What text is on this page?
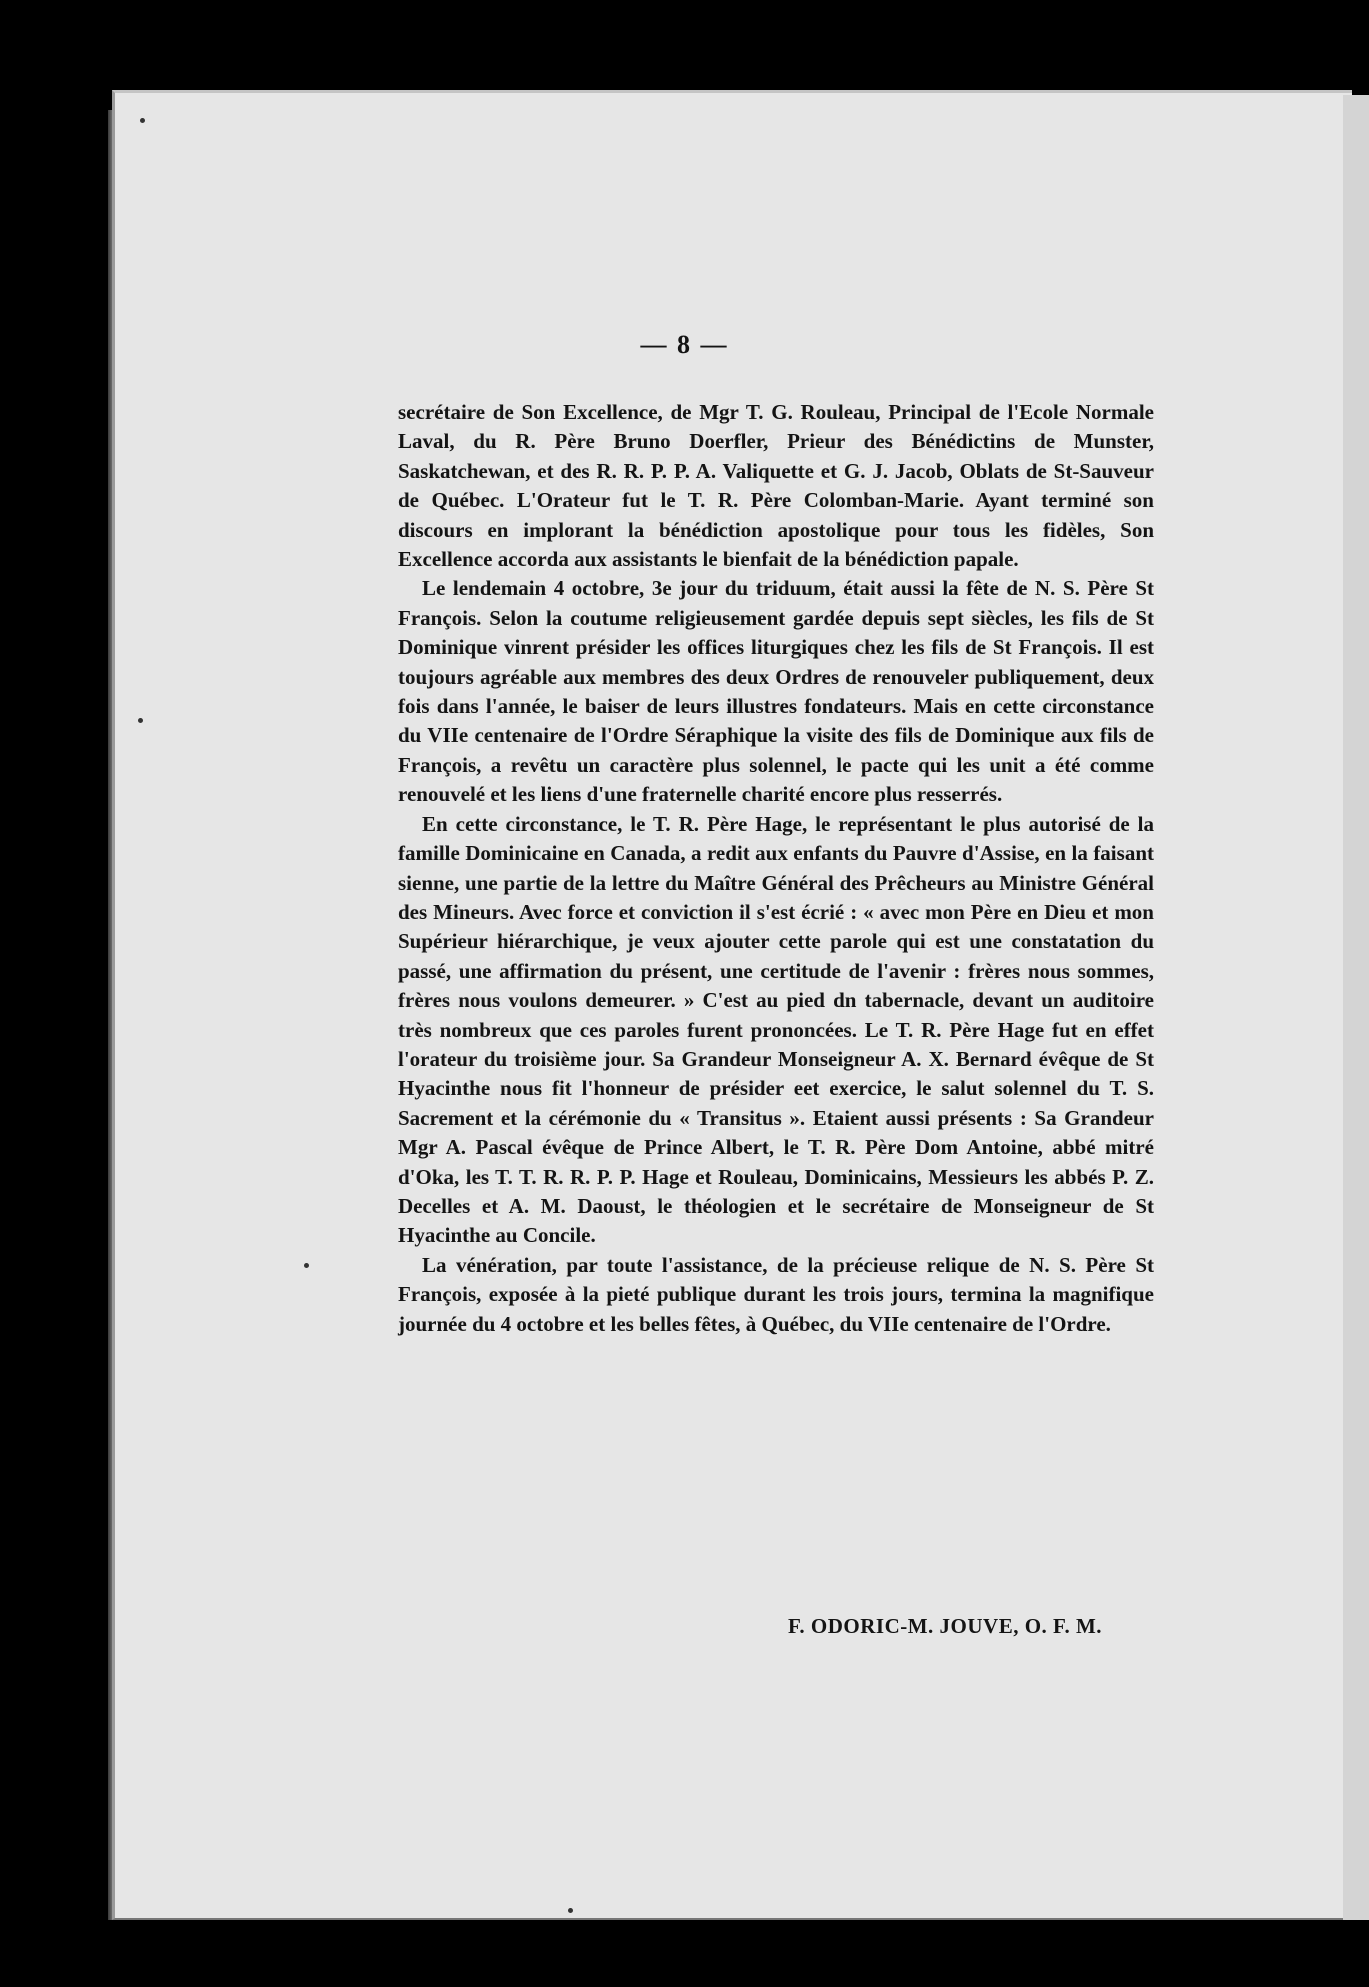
— 8 —

secrétaire de Son Excellence, de Mgr T. G. Rouleau, Principal de l'Ecole Normale Laval, du R. Père Bruno Doerfler, Prieur des Bénédictins de Munster, Saskatchewan, et des R. R. P. P. A. Valiquette et G. J. Jacob, Oblats de St-Sauveur de Québec. L'Orateur fut le T. R. Père Colomban-Marie. Ayant terminé son discours en implorant la bénédiction apostolique pour tous les fidèles, Son Excellence accorda aux assistants le bienfait de la bénédiction papale.

Le lendemain 4 octobre, 3e jour du triduum, était aussi la fête de N. S. Père St François. Selon la coutume religieusement gardée depuis sept siècles, les fils de St Dominique vinrent présider les offices liturgiques chez les fils de St François. Il est toujours agréable aux membres des deux Ordres de renouveler publiquement, deux fois dans l'année, le baiser de leurs illustres fondateurs. Mais en cette circonstance du VIIe centenaire de l'Ordre Séraphique la visite des fils de Dominique aux fils de François, a revêtu un caractère plus solennel, le pacte qui les unit a été comme renouvelé et les liens d'une fraternelle charité encore plus resserrés.

En cette circonstance, le T. R. Père Hage, le représentant le plus autorisé de la famille Dominicaine en Canada, a redit aux enfants du Pauvre d'Assise, en la faisant sienne, une partie de la lettre du Maître Général des Prêcheurs au Ministre Général des Mineurs. Avec force et conviction il s'est écrié : « avec mon Père en Dieu et mon Supérieur hiérarchique, je veux ajouter cette parole qui est une constatation du passé, une affirmation du présent, une certitude de l'avenir : frères nous sommes, frères nous voulons demeurer. » C'est au pied dn tabernacle, devant un auditoire très nombreux que ces paroles furent prononcées. Le T. R. Père Hage fut en effet l'orateur du troisième jour. Sa Grandeur Monseigneur A. X. Bernard évêque de St Hyacinthe nous fit l'honneur de présider eet exercice, le salut solennel du T. S. Sacrement et la cérémonie du « Transitus ». Etaient aussi présents : Sa Grandeur Mgr A. Pascal évêque de Prince Albert, le T. R. Père Dom Antoine, abbé mitré d'Oka, les T. T. R. R. P. P. Hage et Rouleau, Dominicains, Messieurs les abbés P. Z. Decelles et A. M. Daoust, le théologien et le secrétaire de Monseigneur de St Hyacinthe au Concile.

La vénération, par toute l'assistance, de la précieuse relique de N. S. Père St François, exposée à la pieté publique durant les trois jours, termina la magnifique journée du 4 octobre et les belles fêtes, à Québec, du VIIe centenaire de l'Ordre.

F. ODORIC-M. JOUVE, O. F. M.
